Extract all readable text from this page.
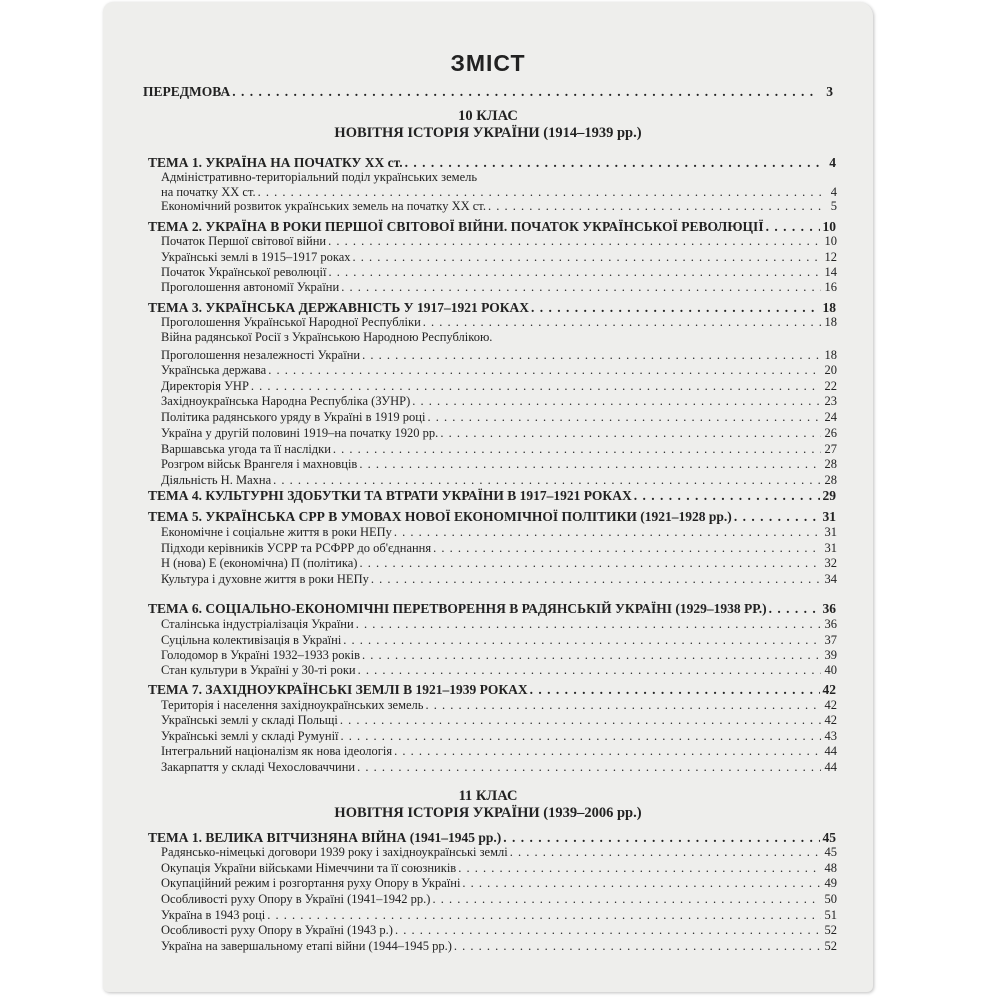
ЗМІСТ
ПЕРЕДМОВА . . .	3
10 КЛАС
НОВІТНЯ ІСТОРІЯ УКРАЇНИ (1914–1939 рр.)
11 КЛАС
НОВІТНЯ ІСТОРІЯ УКРАЇНИ (1939–2006 рр.)
ТЕМА 1. УКРАЇНА НА ПОЧАТКУ XX ст. . . .	4
Адміністративно-територіальний поділ українських земель
на початку XX ст. . . .	4
Економічний розвиток українських земель на початку XX ст. . . .	5
ТЕМА 2. УКРАЇНА В РОКИ ПЕРШОЇ СВІТОВОЇ ВІЙНИ. ПОЧАТОК УКРАЇНСЬКОЇ РЕВОЛЮЦІЇ . . .	10
Початок Першої світової війни . . .	10
Українські землі в 1915–1917 роках . . .	12
Початок Української революції . . .	14
Проголошення автономії України . . .	16
ТЕМА 3. УКРАЇНСЬКА ДЕРЖАВНІСТЬ У 1917–1921 РОКАХ . . .	18
Проголошення Української Народної Республіки . . .	18
Війна радянської Росії з Українською Народною Республікою.
Проголошення незалежності України . . .	18
Українська держава . . .	20
Директорія УНР . . .	22
Західноукраїнська Народна Республіка (ЗУНР) . . .	23
Політика радянського уряду в Україні в 1919 році . . .	24
Україна у другій половині 1919–на початку 1920 рр. . . .	26
Варшавська угода та її наслідки . . .	27
Розгром військ Врангеля і махновців . . .	28
Діяльність Н. Махна . . .	28
ТЕМА 4. КУЛЬТУРНІ ЗДОБУТКИ ТА ВТРАТИ УКРАЇНИ В 1917–1921 РОКАХ . . .	29
ТЕМА 5. УКРАЇНСЬКА СРР В УМОВАХ НОВОЇ ЕКОНОМІЧНОЇ ПОЛІТИКИ (1921–1928 рр.) . . .	31
Економічне і соціальне життя в роки НЕПу . . .	31
Підходи керівників УСРР та РСФРР до об'єднання . . .	31
Н (нова) Е (економічна) П (політика) . . .	32
Культура і духовне життя в роки НЕПу . . .	34
ТЕМА 6. СОЦІАЛЬНО-ЕКОНОМІЧНІ ПЕРЕТВОРЕННЯ В РАДЯНСЬКІЙ УКРАЇНІ (1929–1938 РР.) . . .	36
Сталінська індустріалізація України . . .	36
Суцільна колективізація в Україні . . .	37
Голодомор в Україні 1932–1933 років . . .	39
Стан культури в Україні у 30-ті роки . . .	40
ТЕМА 7. ЗАХІДНОУКРАЇНСЬКІ ЗЕМЛІ В 1921–1939 РОКАХ . . .	42
Територія і населення західноукраїнських земель . . .	42
Українські землі у складі Польщі . . .	42
Українські землі у складі Румунії . . .	43
Інтегральний націоналізм як нова ідеологія . . .	44
Закарпаття у складі Чехословаччини . . .	44
ТЕМА 1. ВЕЛИКА ВІТЧИЗНЯНА ВІЙНА (1941–1945 рр.) . . .	45
Радянсько-німецькі договори 1939 року і західноукраїнські землі . . .	45
Окупація України військами Німеччини та її союзників . . .	48
Окупаційний режим і розгортання руху Опору в Україні . . .	49
Особливості руху Опору в Україні (1941–1942 рр.) . . .	50
Україна в 1943 році . . .	51
Особливості руху Опору в Україні (1943 р.) . . .	52
Україна на завершальному етапі війни (1944–1945 рр.) . . .	52
